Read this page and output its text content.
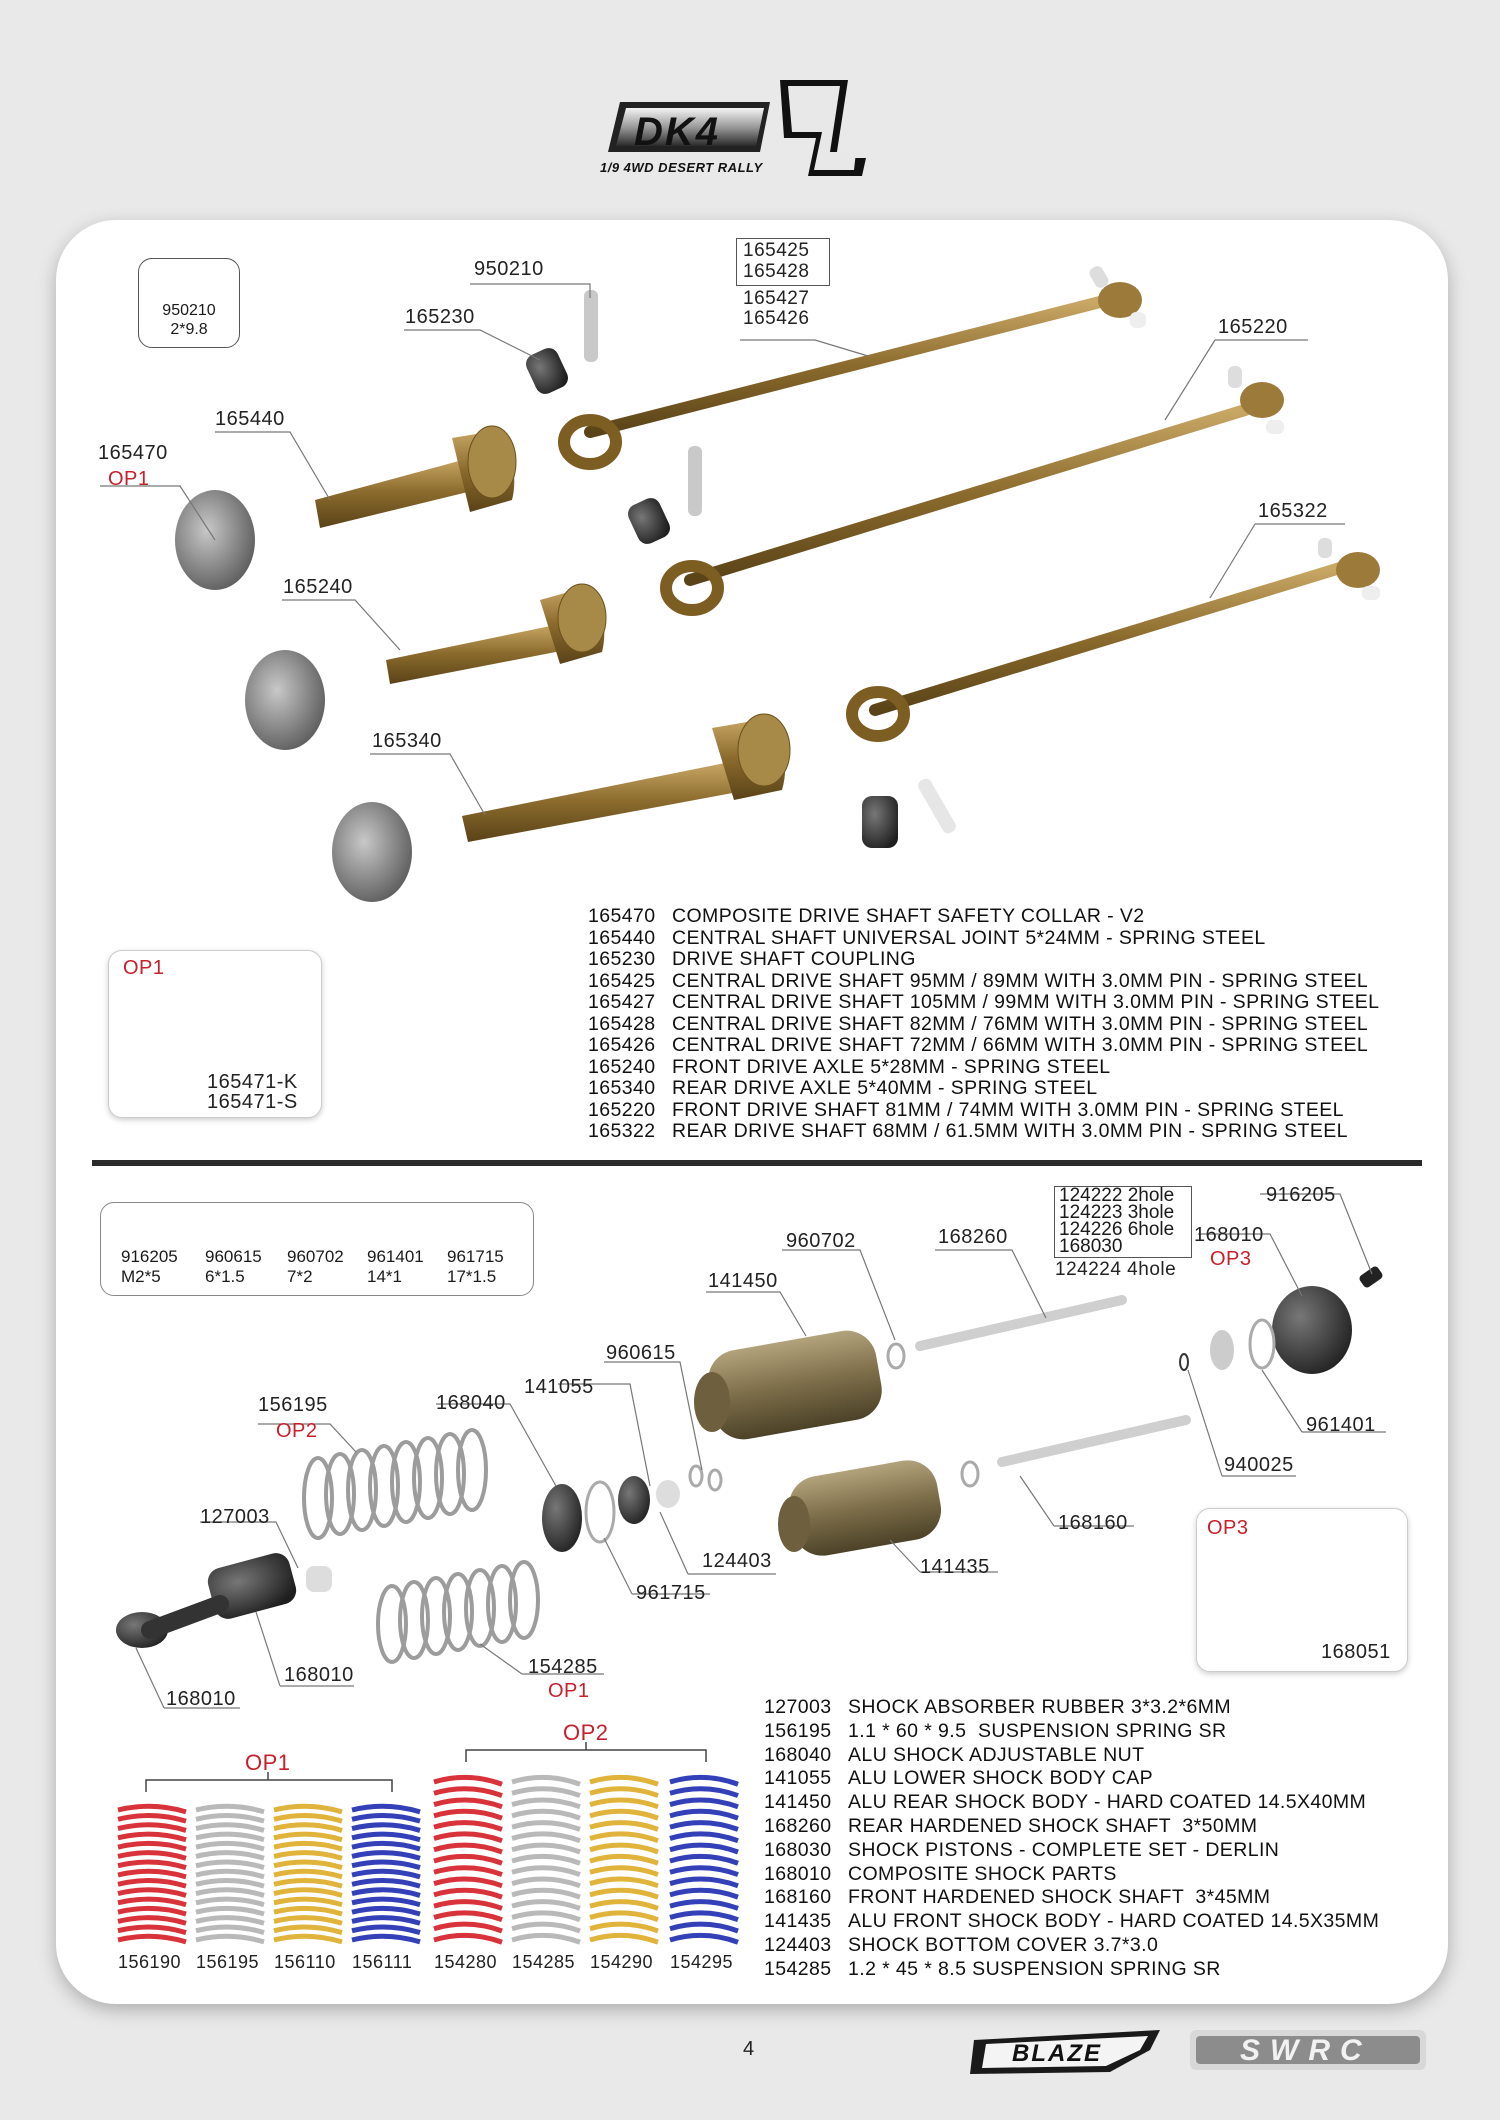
DK4
1/9 4WD DESERT RALLY
950210
2*9.8
950210
165230
165440
165470
OP1
165240
165340
165220
165322
165425
165428
165427
165426
OP1
165471-K
165471-S
165470 COMPOSITE DRIVE SHAFT SAFETY COLLAR - V2
165440 CENTRAL SHAFT UNIVERSAL JOINT 5*24MM - SPRING STEEL
165230 DRIVE SHAFT COUPLING
165425 CENTRAL DRIVE SHAFT 95MM / 89MM WITH 3.0MM PIN - SPRING STEEL
165427 CENTRAL DRIVE SHAFT 105MM / 99MM WITH 3.0MM PIN - SPRING STEEL
165428 CENTRAL DRIVE SHAFT 82MM / 76MM WITH 3.0MM PIN - SPRING STEEL
165426 CENTRAL DRIVE SHAFT 72MM / 66MM WITH 3.0MM PIN - SPRING STEEL
165240 FRONT DRIVE AXLE 5*28MM - SPRING STEEL
165340 REAR DRIVE AXLE 5*40MM - SPRING STEEL
165220 FRONT DRIVE SHAFT 81MM / 74MM WITH 3.0MM PIN - SPRING STEEL
165322 REAR DRIVE SHAFT 68MM / 61.5MM WITH 3.0MM PIN - SPRING STEEL
916205
M2*5
960615
6*1.5
960702
7*2
961401
14*1
961715
17*1.5
124222 2hole
124223 3hole
124226 6hole
168030
124224 4hole
916205
168010
OP3
960702	168260
141450
960615
141055
168040
156195
OP2	961401
940025
127003
124403
168160
141435
961715
154285
OP1
168010
168010
OP3
168051
OP1
OP2
156190 156195 156110 156111 154280 154285 154290 154295
127003 SHOCK ABSORBER RUBBER 3*3.2*6MM
156195 1.1 * 60 * 9.5  SUSPENSION SPRING SR
168040 ALU SHOCK ADJUSTABLE NUT
141055 ALU LOWER SHOCK BODY CAP
141450 ALU REAR SHOCK BODY - HARD COATED 14.5X40MM
168260 REAR HARDENED SHOCK SHAFT  3*50MM
168030 SHOCK PISTONS - COMPLETE SET - DERLIN
168010 COMPOSITE SHOCK PARTS
168160 FRONT HARDENED SHOCK SHAFT  3*45MM
141435 ALU FRONT SHOCK BODY - HARD COATED 14.5X35MM
124403 SHOCK BOTTOM COVER 3.7*3.0
154285 1.2 * 45 * 8.5 SUSPENSION SPRING SR
4	BLAZE	SWRC
